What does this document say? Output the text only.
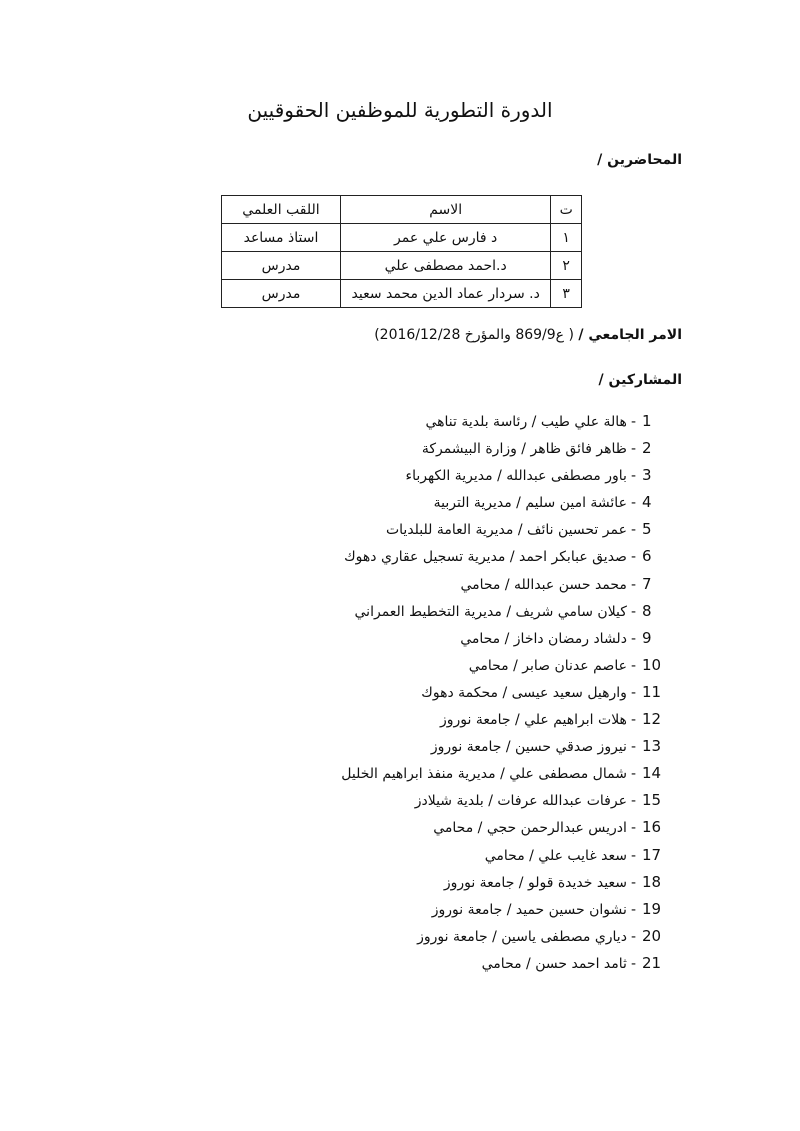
الدورة التطورية للموظفين الحقوقيين
المحاضرين /
ت	الاسم	اللقب العلمي
١	د فارس علي عمر	استاذ مساعد
٢	د.احمد مصطفى علي	مدرس
٣	د. سردار عماد الدين محمد سعيد	مدرس
الامر الجامعي / ( ع869/9 والمؤرخ 2016/12/28)
المشاركين /
1-هالة علي طيب / رئاسة بلدية تناهي
2-ظاهر فائق ظاهر / وزارة البيشمركة
3-باور مصطفى عبدالله / مديرية الكهرباء
4-عائشة امين سليم / مديرية التربية
5-عمر تحسين نائف / مديرية العامة للبلديات
6-صديق عبابكر احمد / مديرية تسجيل عقاري دهوك
7-محمد حسن عبدالله / محامي
8-كيلان سامي شريف / مديرية التخطيط العمراني
9-دلشاد رمضان داخاز / محامي
10-عاصم عدنان صابر / محامي
11-وارهيل سعيد عيسى / محكمة دهوك
12-هلات ابراهيم علي / جامعة نوروز
13-نيروز صدقي حسين / جامعة نوروز
14-شمال مصطفى علي / مديرية منفذ ابراهيم الخليل
15-عرفات عبدالله عرفات / بلدية شيلادز
16-ادريس عبدالرحمن حجي / محامي
17-سعد غايب علي / محامي
18-سعيد خديدة قولو / جامعة نوروز
19-نشوان حسين حميد / جامعة نوروز
20-دياري مصطفى ياسين / جامعة نوروز
21-ثامد احمد حسن / محامي
